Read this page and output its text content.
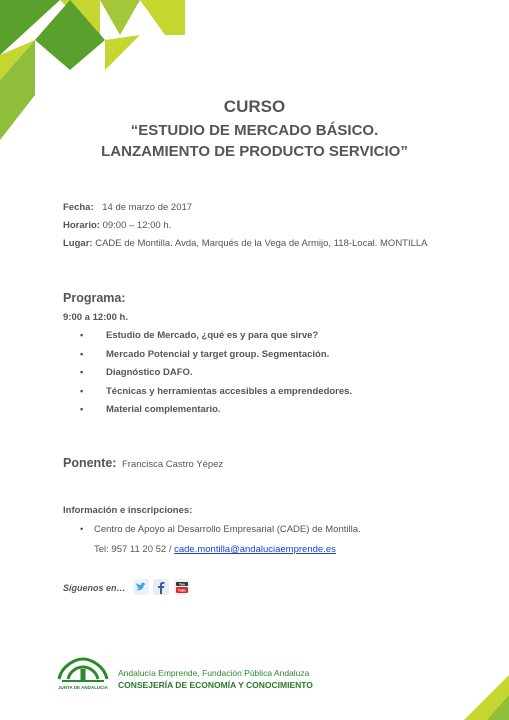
CURSO
“ESTUDIO DE MERCADO BÁSICO.
LANZAMIENTO DE PRODUCTO SERVICIO”
Fecha: 14 de marzo de 2017
Horario: 09:00 – 12:00 h.
Lugar: CADE de Montilla. Avda, Marqués de la Vega de Armijo, 118-Local. MONTILLA
Programa:
9:00 a 12:00 h.
• Estudio de Mercado, ¿qué es y para que sirve?
• Mercado Potencial y target group. Segmentación.
• Diagnóstico DAFO.
• Técnicas y herramientas accesibles a emprendedores.
• Material complementario.
Ponente: Francisca Castro Yépez
Información e inscripciones:
• Centro de Apoyo al Desarrollo Empresarial (CADE) de Montilla.
Tel: 957 11 20 52 / cade.montilla@andaluciaemprende.es
Síguenos en…	You
Tube
JUNTA DE ANDALUCIA
Andalucía Emprende, Fundación Pública Andaluza
CONSEJERÍA DE ECONOMÍA Y CONOCIMIENTO
